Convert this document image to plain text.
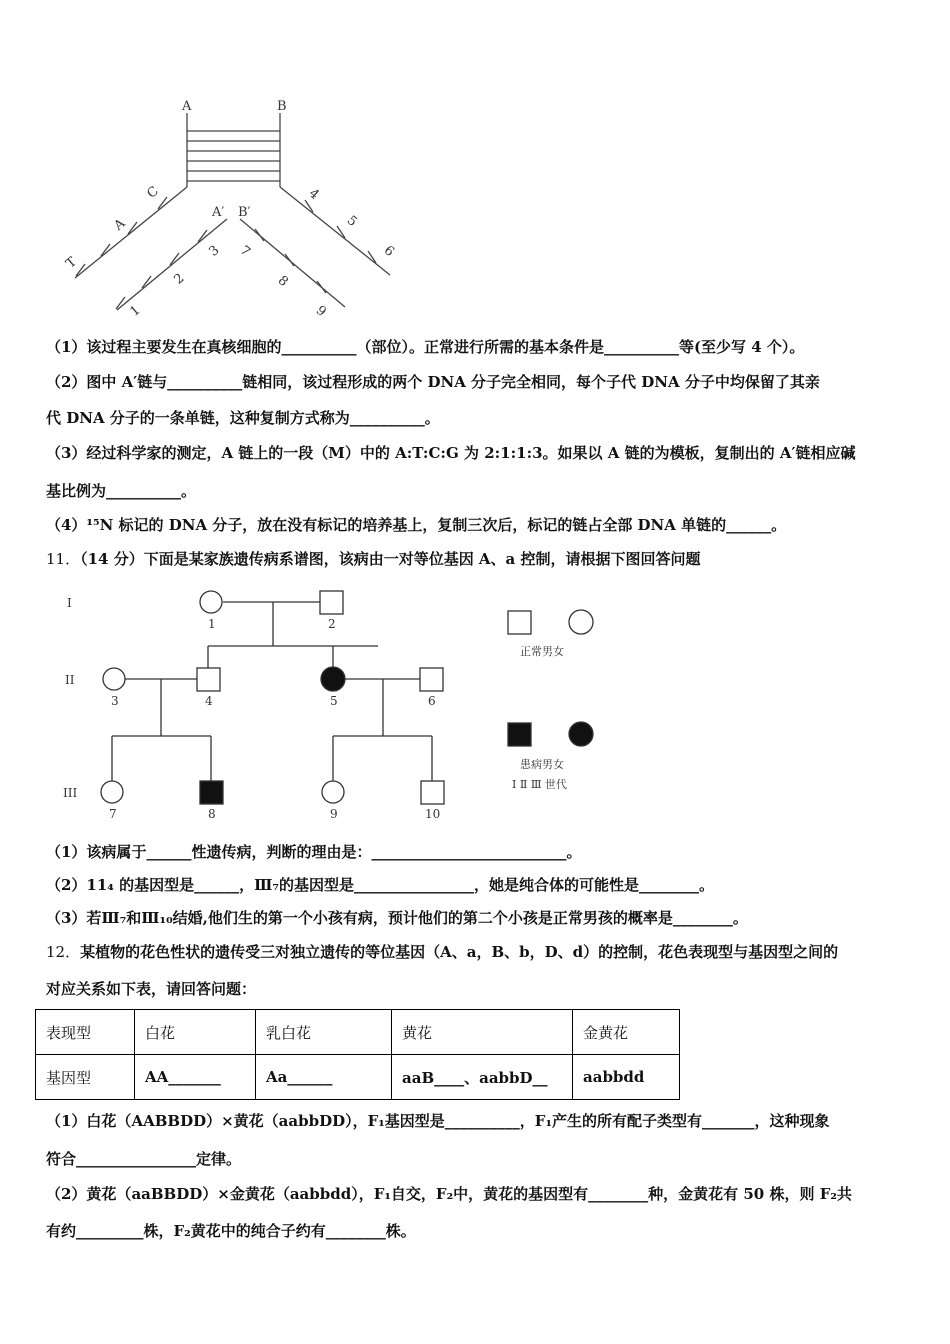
A	B
A′ B′
C
A
T
3
2
1
4
5
6
7
8
9
（1）该过程主要发生在真核细胞的__________（部位）。正常进行所需的基本条件是__________等(至少写 4 个）。
（2）图中 A′链与__________链相同，该过程形成的两个 DNA 分子完全相同，每个子代 DNA 分子中均保留了其亲
代 DNA 分子的一条单链，这种复制方式称为__________。
（3）经过科学家的测定，A 链上的一段（M）中的 A:T:C:G 为 2:1:1:3。如果以 A 链的为模板，复制出的 A′链相应碱
基比例为__________。
（4）¹⁵N 标记的 DNA 分子，放在没有标记的培养基上，复制三次后，标记的链占全部 DNA 单链的______。
11．（14 分）下面是某家族遗传病系谱图，该病由一对等位基因 A、a 控制，请根据下图回答问题
I
II
III
1	2
3	4	5	6
7	8	9	10
正常男女
患病男女
Ⅰ Ⅱ Ⅲ 世代
（1）该病属于______性遗传病，判断的理由是：__________________________。
（2）11₄ 的基因型是______，Ⅲ₇的基因型是________________，她是纯合体的可能性是________。
（3）若Ⅲ₇和Ⅲ₁₀结婚,他们生的第一个小孩有病，预计他们的第二个小孩是正常男孩的概率是________。
12．某植物的花色性状的遗传受三对独立遗传的等位基因（A、a，B、b，D、d）的控制，花色表现型与基因型之间的
对应关系如下表，请回答问题：
表现型	白花	乳白花	黄花	金黄花
基因型	AA_______	Aa______	aaB____、aabbD__	aabbdd
（1）白花（AABBDD）×黄花（aabbDD），F₁基因型是__________，F₁产生的所有配子类型有_______，这种现象
符合________________定律。
（2）黄花（aaBBDD）×金黄花（aabbdd），F₁自交，F₂中，黄花的基因型有________种，金黄花有 50 株，则 F₂共
有约_________株，F₂黄花中的纯合子约有________株。
